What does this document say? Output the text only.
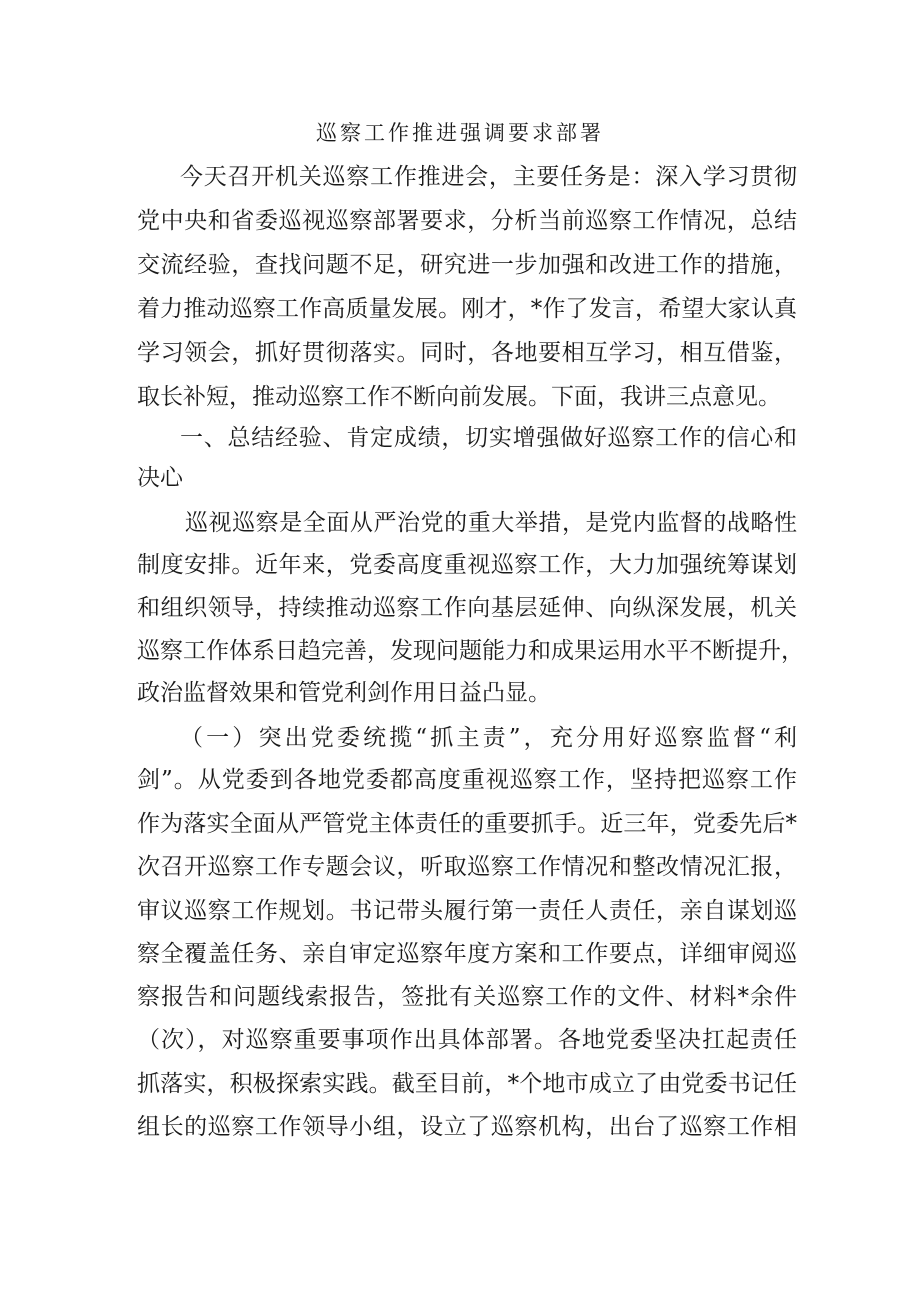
巡察工作推进强调要求部署
今天召开机关巡察工作推进会，主要任务是：深入学习贯彻
党中央和省委巡视巡察部署要求，分析当前巡察工作情况，总结
交流经验，查找问题不足，研究进一步加强和改进工作的措施，
着力推动巡察工作高质量发展。刚才，*作了发言，希望大家认真
学习领会，抓好贯彻落实。同时，各地要相互学习，相互借鉴，
取长补短，推动巡察工作不断向前发展。下面，我讲三点意见。
一、总结经验、肯定成绩，切实增强做好巡察工作的信心和
决心
巡视巡察是全面从严治党的重大举措，是党内监督的战略性
制度安排。近年来，党委高度重视巡察工作，大力加强统筹谋划
和组织领导，持续推动巡察工作向基层延伸、向纵深发展，机关
巡察工作体系日趋完善，发现问题能力和成果运用水平不断提升，
政治监督效果和管党利剑作用日益凸显。
（一）突出党委统揽“抓主责”，充分用好巡察监督“利
剑”。从党委到各地党委都高度重视巡察工作，坚持把巡察工作
作为落实全面从严管党主体责任的重要抓手。近三年，党委先后*
次召开巡察工作专题会议，听取巡察工作情况和整改情况汇报，
审议巡察工作规划。书记带头履行第一责任人责任，亲自谋划巡
察全覆盖任务、亲自审定巡察年度方案和工作要点，详细审阅巡
察报告和问题线索报告，签批有关巡察工作的文件、材料*余件
（次），对巡察重要事项作出具体部署。各地党委坚决扛起责任
抓落实，积极探索实践。截至目前，*个地市成立了由党委书记任
组长的巡察工作领导小组，设立了巡察机构，出台了巡察工作相
